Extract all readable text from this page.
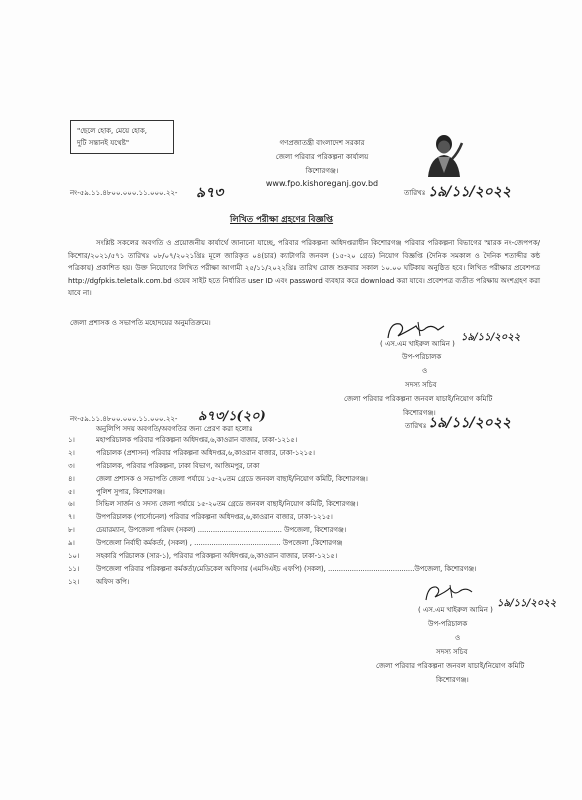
"ছেলে হোক, মেয়ে হোক,
দুটি সন্তানই যথেষ্ট"	গণপ্রজাতন্ত্রী বাংলাদেশ সরকার
জেলা পরিবার পরিকল্পনা কার্যালয়
কিশোরগঞ্জ।
www.fpo.kishoreganj.gov.bd
নং-৫৯.১১.৪৮০০.০০০.১১.০০০.২২- ৯৭৩	তারিখঃ ১৯/১১/২০২২
লিখিত পরীক্ষা গ্রহণের বিজ্ঞপ্তি
সংশ্লিষ্ট সকলের অবগতি ও প্রয়োজনীয় কার্যার্থে জানানো যাচ্ছে, পরিবার পরিকল্পনা অধিদপ্তরাধীন কিশোরগঞ্জ পরিবার পরিকল্পনা বিভাগের স্মারক নং-জেপপক/কিশোর/২০২১/৫৭১ তারিখঃ ০৮/০৭/২০২১খ্রিঃ মূলে জারিকৃত ০৪(চার) ক্যাটাগরি জনবল (১৫-২০ গ্রেড) নিয়োগ বিজ্ঞপ্তি (দৈনিক সমকাল ও দৈনিক শতাব্দীর কন্ঠ পত্রিকায়) প্রকাশিত হয়। উক্ত নিয়োগের লিখিত পরীক্ষা আগামী ২৫/১১/২০২২খ্রিঃ তারিখ রোজ শুক্রবার সকাল ১০.০০ ঘটিকায় অনুষ্ঠিত হবে। লিখিত পরীক্ষার প্রবেশপত্র http://dgfpkis.teletalk.com.bd ওয়েব সাইট হতে নির্ধারিত user ID এবং password ব্যবহার করে download করা যাবে। প্রবেশপত্র ব্যতীত পরিক্ষায় অংশগ্রহণ করা যাবে না।
জেলা প্রশাসক ও সভাপতি মহোদয়ের অনুমতিক্রমে।
( এস.এম খাইরুল আমিন )
১৯/১১/২০২২
উপ-পরিচালক
ও
সদস্য সচিব
জেলা পরিবার পরিকল্পনা জনবল যাচাই/নিয়োগ কমিটি
কিশোরগঞ্জ।
নং-৫৯.১১.৪৮০০.০০০.১১.০০০.২২- ৯৭৩/১(২০)
তারিখঃ ১৯/১১/২০২২
অনুলিপি সদয় অবগতি/অবগতির জন্য প্রেরণ করা হলোঃ
১।	মহাপরিচালক পরিবার পরিকল্পনা অধিদপ্তর,৬,কাওরান বাজার, ঢাকা-১২১৫।
২।	পরিচালক (প্রশাসন) পরিবার পরিকল্পনা অধিদপ্তর,৬,কাওরান বাজার, ঢাকা-১২১৫।
৩।	পরিচালক, পরিবার পরিকল্পনা, ঢাকা বিভাগ, আজিমপুর, ঢাকা
৪।	জেলা প্রশাসক ও সভাপতি জেলা পর্যায়ে ১৫-২০তম গ্রেডে জনবল বাছাই/নিয়োগ কমিটি, কিশোরগঞ্জ।
৫।	পুলিশ সুপার, কিশোরগঞ্জ।
৬।	সিভিল সার্জন ও সদস্য জেলা পর্যায়ে ১৫-২০তম গ্রেডে জনবল বাছাই/নিয়োগ কমিটি, কিশোরগঞ্জ।
৭।	উপপরিচালক (পার্সোনেল) পরিবার পরিকল্পনা অধিদপ্তর,৬,কাওরান বাজার, ঢাকা-১২১৫।
৮।	চেয়ারম্যান, উপজেলা পরিষদ (সকল) ....................................... উপজেলা, কিশোরগঞ্জ।
৯।	উপজেলা নির্বাহী কর্মকর্তা, (সকল) , ........................................ উপজেলা ,কিশোরগঞ্জ
১০।	সহকারি পরিচালক (সার-১), পরিবার পরিকল্পনা অধিদপ্তর,৬,কাওরান বাজার, ঢাকা-১২১৫।
১১।	উপজেলা পরিবার পরিকল্পনা কর্মকর্তা/মেডিকেল অফিসার (এমসিএইচ এফপি) (সকল), ........................................উপজেলা, কিশোরগঞ্জ।
১২।	অফিস কপি।
( এস.এম খাইরুল আমিন )
১৯/১১/২০২২
উপ-পরিচালক
ও
সদস্য সচিব
জেলা পরিবার পরিকল্পনা জনবল যাচাই/নিয়োগ কমিটি
কিশোরগঞ্জ।
